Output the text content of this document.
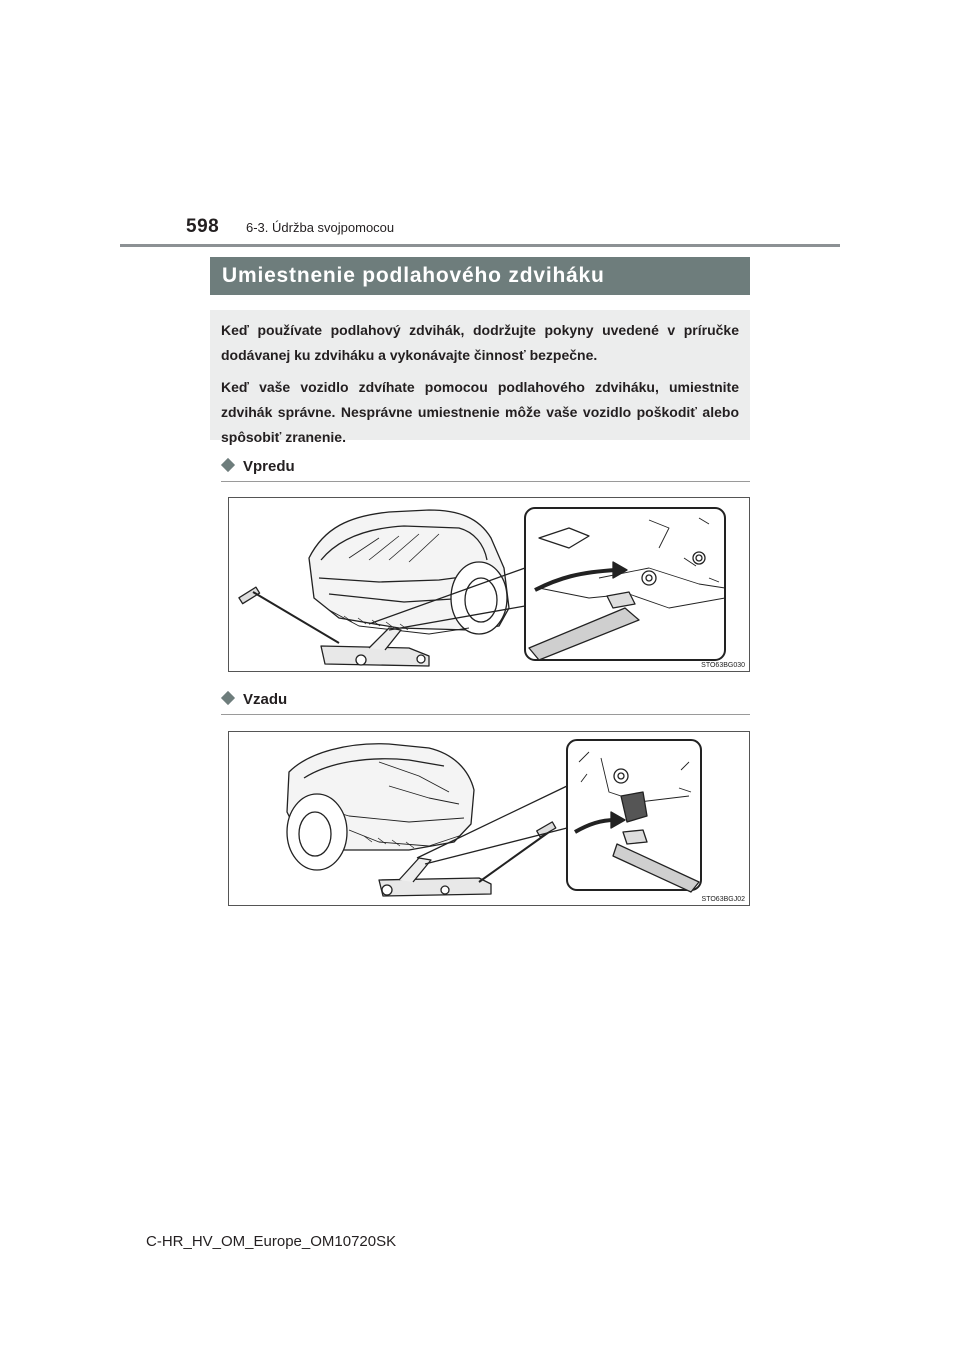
598 6-3. Údržba svojpomocou
Umiestnenie podlahového zdviháku

Keď používate podlahový zdvihák, dodržujte pokyny uvedené v príručke dodávanej ku zdviháku a vykonávajte činnosť bezpečne.

Keď vaše vozidlo zdvíhate pomocou podlahového zdviháku, umiestnite zdvihák správne. Nesprávne umiestnenie môže vaše vozidlo poškodiť alebo spôsobiť zranenie.

Vpredu
STO63BG030
Vzadu
STO63BGJ02
C-HR_HV_OM_Europe_OM10720SK
